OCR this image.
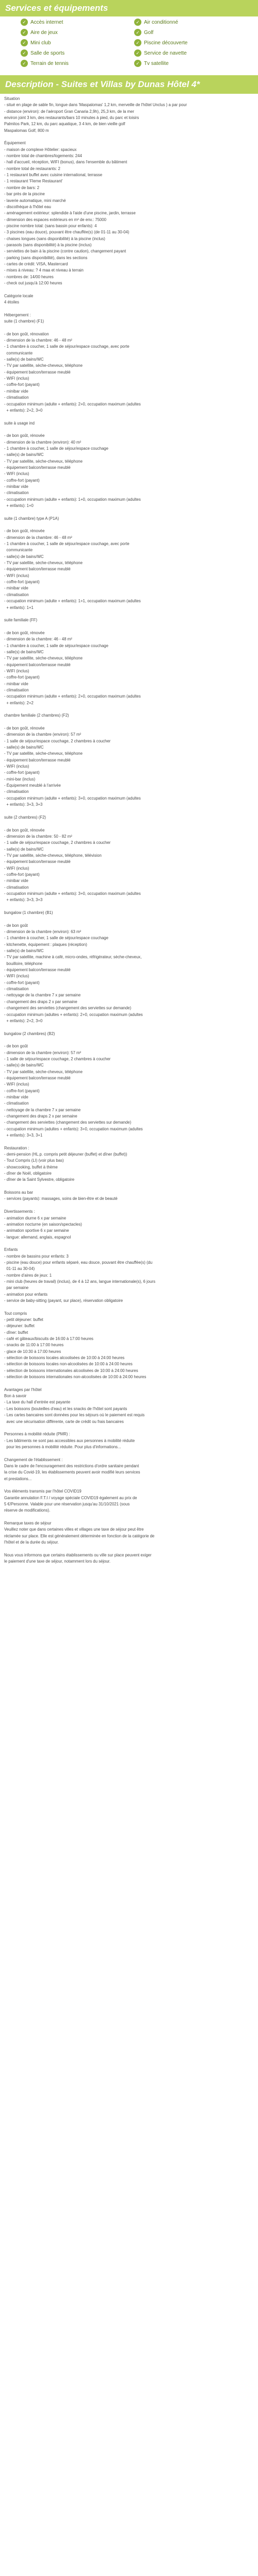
Services et équipements
✓ Accès internet	✓ Air conditionné
✓ Aire de jeux	✓ Golf
✓ Mini club	✓ Piscine découverte
✓ Salle de sports	✓ Service de navette
✓ Terrain de tennis	✓ Tv satellite
Description - Suites et Villas by Dunas Hôtel 4*
Situation
- situé en plage de sable fin, longue dans 'Maspalomas' 1,2 km, merveille de l'hôtel Unclus ) a par pour
- distance (environ): de l'aéroport Gran Canaria 2,9h), 25,3 km, de la mer
environ joint 3 km, des restaurants/bars 10 minutes à pied, du parc et loisirs
Palmitos Park, 12 km, du parc aquatique, 3 4 km, de bien vieille golf
Maspalomas Golf, 800 m

Équipement
- maison de complexe Hôtelier: spacieux
- nombre total de chambres/logements: 244
- hall d'accueil, réception, WIFI (bonus), dans l'ensemble du bâtiment
- nombre total de restaurants: 2
- 1 restaurant buffet avec cuisine international, terrasse
- 1 restaurant 'Fleme Restaurant'
- nombre de bars: 2
- bar près de la piscine
- laverie automatique, mini marché
- discothèque à l'hôtel eau
- aménagement extérieur: splendide à l'aide d'une piscine, jardin, terrasse
- dimension des espaces extérieurs en m² de env.: 75000
- piscine nombre total: (sans bassin pour enfants): 4
- 3 piscines (eau douce), pouvant être chauffée(s) (de 01-11 au 30-04)
- chaises longues (sans disponibilité) à la piscine (inclus)
- parasols (sans disponibilité) à la piscine (inclus)
- serviettes de bain à la piscine (contre caution), changement payant
- parking (sans disponibilité), dans les sections
- cartes de crédit: VISA, Mastercard
- mises à niveau: ? 4 maa et niveau à terrain
- nombres de: 14/00 heures
- check out jusqu'à 12:00 heures

Catégorie locale
4 étoiles

Hébergement :
suite (1 chambre) (F1)

- de bon goût, rénovation
- dimension de la chambre: 46 - 48 m²
- 1 chambre à coucher, 1 salle de séjour/espace couchage, avec porte
communicante
- salle(s) de bains/WC
- TV par satellite, sèche-cheveux, téléphone
- équipement balcon/terrasse meublé
- WIFI (inclus)
- coffre-fort (payant)
- minibar vide
- climatisation
- occupation minimum (adulte + enfants): 2+0, occupation maximum (adultes
+ enfants): 2+2, 3+0

suite à usage ind

- de bon goût, rénovée
- dimension de la chambre (environ): 40 m²
- 1 chambre à coucher, 1 salle de séjour/espace couchage
- salle(s) de bains/WC
- TV par satellite, sèche-cheveux, téléphone
- équipement balcon/terrasse meublé
- WIFI (inclus)
- coffre-fort (payant)
- minibar vide
- climatisation
- occupation minimum (adulte + enfants): 1+0, occupation maximum (adultes
+ enfants): 1+0

suite (1 chambre) type A (P1A)

- de bon goût, rénovée
- dimension de la chambre: 46 - 48 m²
- 1 chambre à coucher, 1 salle de séjour/espace couchage, avec porte
communicante
- salle(s) de bains/WC
- TV par satellite, sèche-cheveux, téléphone
- équipement balcon/terrasse meublé
- WIFI (inclus)
- coffre-fort (payant)
- minibar vide
- climatisation
- occupation minimum (adulte + enfants): 1+1, occupation maximum (adultes
+ enfants): 1+1

suite familiale (FF)

- de bon goût, rénovée
- dimension de la chambre: 46 - 48 m²
- 1 chambre à coucher, 1 salle de séjour/espace couchage
- salle(s) de bains/WC
- TV par satellite, sèche-cheveux, téléphone
- équipement balcon/terrasse meublé
- WIFI (inclus)
- coffre-fort (payant)
- minibar vide
- climatisation
- occupation minimum (adulte + enfants): 2+0, occupation maximum (adultes
+ enfants): 2+2

chambre familiale (2 chambres) (F2)

- de bon goût, rénovée
- dimension de la chambre (environ): 57 m²
- 1 salle de séjour/espace couchage, 2 chambres à coucher
- salle(s) de bains/WC
- TV par satellite, sèche-cheveux, téléphone
- équipement balcon/terrasse meublé
- WIFI (inclus)
- coffre-fort (payant)
- mini-bar (inclus)
- Équipement meublé à l'arrivée
- climatisation
- occupation minimum (adulte + enfants): 3+0, occupation maximum (adultes
+ enfants): 3+3, 3+3

suite (2 chambres) (F2)

- de bon goût, rénovée
- dimension de la chambre: 50 - 82 m²
- 1 salle de séjour/espace couchage, 2 chambres à coucher
- salle(s) de bains/WC
- TV par satellite, sèche-cheveux, téléphone, télévision
- équipement balcon/terrasse meublé
- WIFI (inclus)
- coffre-fort (payant)
- minibar vide
- climatisation
- occupation minimum (adulte + enfants): 3+0, occupation maximum (adultes
+ enfants): 3+3, 3+3

bungalow (1 chambre) (B1)

- de bon goût
- dimension de la chambre (environ): 63 m²
- 1 chambre à coucher, 1 salle de séjour/espace couchage
- kitchenette, équipement : plaques (réception)
- salle(s) de bains/WC
- TV par satellite, machine à café, micro-ondes, réfrigérateur, sèche-cheveux,
bouilloire, téléphone
- équipement balcon/terrasse meublé
- WIFI (inclus)
- coffre-fort (payant)
- climatisation
- nettoyage de la chambre 7 x par semaine
- changement des draps 2 x par semaine
- changement des serviettes (changement des serviettes sur demande)
- occupation minimum (adultes + enfants): 2+0, occupation maximum (adultes
+ enfants): 2+2, 3+0

bungalow (2 chambres) (B2)

- de bon goût
- dimension de la chambre (environ): 57 m²
- 1 salle de séjour/espace couchage, 2 chambres à coucher
- salle(s) de bains/WC
- TV par satellite, sèche-cheveux, téléphone
- équipement balcon/terrasse meublé
- WIFI (inclus)
- coffre-fort (payant)
- minibar vide
- climatisation
- nettoyage de la chambre 7 x par semaine
- changement des draps 2 x par semaine
- changement des serviettes (changement des serviettes sur demande)
- occupation minimum (adultes + enfants): 3+0, occupation maximum (adultes
+ enfants): 3+3, 3+1

Restauration :
- demi-pension (HL.p. compris petit déjeuner (buffet) et dîner (buffet))
- Tout Compris (LI) (voir plus bas)
- showcooking, buffet à thème
- dîner de Noël, obligatoire
- dîner de la Saint Sylvestre, obligatoire

Boissons au bar
- services (payants): massages, soins de bien-être et de beauté

Divertissements :
- animation diurne 6 x par semaine
- animation nocturne (en saison/spectacles)
- animation sportive 6 x par semaine
- langue: allemand, anglais, espagnol

Enfants
- nombre de bassins pour enfants: 3
- piscine (eau douce) pour enfants séparé, eau douce, pouvant être chauffée(s) (du
01-11 au 30-04)
- nombre d'aires de jeux: 1
- mini club (heures de travail) (inclus), de 4 à 12 ans, langue internationale(s), 6 jours
par semaine
- animation pour enfants
- service de baby-sitting (payant, sur place), réservation obligatoire

Tout compris
- petit déjeuner: buffet
- déjeuner: buffet
- dîner: buffet
- café et gâteaux/biscuits de 16:00 à 17:00 heures
- snacks de 11:00 à 17:00 heures
- glace de 10:30 à 17:00 heures
- sélection de boissons locales alcoolisées de 10:00 à 24:00 heures
- sélection de boissons locales non-alcoolisées de 10:00 à 24:00 heures
- sélection de boissons internationales alcoolisées de 10:00 à 24:00 heures
- sélection de boissons internationales non-alcoolisées de 10:00 à 24:00 heures

Avantages par l'hôtel
Bon à savoir
- La taxe du hall d'entrée est payante
- Les boissons (bouteilles d'eau) et les snacks de l'hôtel sont payants
- Les cartes bancaires sont données pour les séjours où le paiement est requis
avec une sécurisation différente, carte de crédit ou frais bancaires

Personnes à mobilité réduite (PMR) :
- Les bâtiments ne sont pas accessibles aux personnes à mobilité réduite
pour les personnes à mobilité réduite. Pour plus d'informations...

Changement de l'établissement :
Dans le cadre de l'encouragement des restrictions d'ordre sanitaire pendant
la crise du Covid-19, les établissements peuvent avoir modifié leurs services
et prestations...

Vos éléments transmis par l'hôtel COVID19
Garantie annulation F.T.I / voyage spéciale COVID19 également au prix de
5 €/Personne. Valable pour une réservation jusqu'au 31/10/2021 (sous
réserve de modifications).

Remarque taxes de séjour
Veuillez noter que dans certaines villes et villages une taxe de séjour peut être
réclamée sur place. Elle est généralement déterminée en fonction de la catégorie de
l'hôtel et de la durée du séjour.

Nous vous informons que certains établissements ou ville sur place peuvent exiger
le paiement d'une taxe de séjour, notamment lors du séjour.
